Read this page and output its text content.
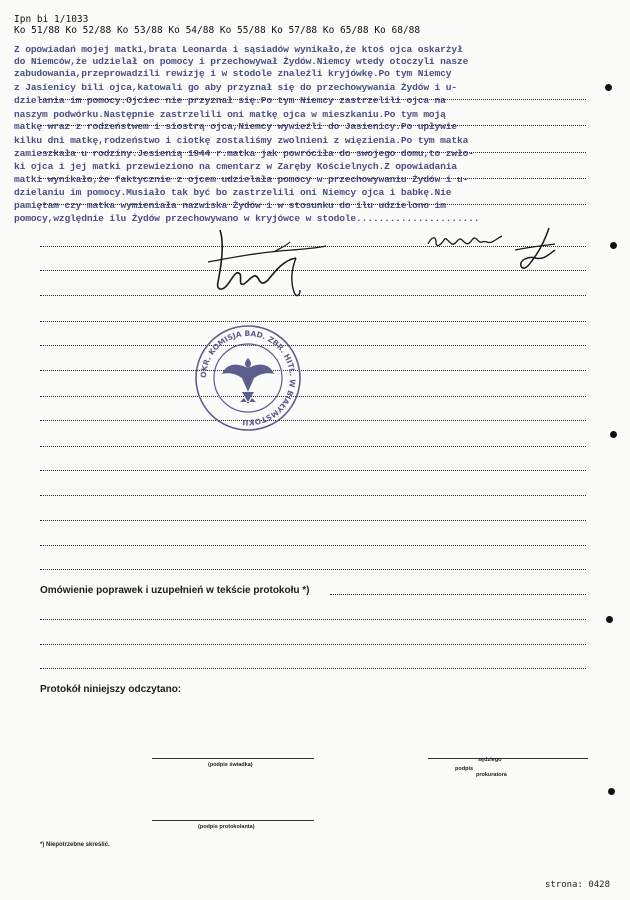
Ipn bi 1/1033
Ko 51/88 Ko 52/88 Ko 53/88 Ko 54/88 Ko 55/88 Ko 57/88 Ko 65/88 Ko 68/88
Z opowiadań mojej matki,brata Leonarda i sąsiadów wynikało,że ktoś ojca oskarżył
do Niemców,że udzielał on pomocy i przechowywał Żydów.Niemcy wtedy otoczyli nasze
zabudowania,przeprowadzili rewizję i w stodole znaleźli kryjówkę.Po tym Niemcy
z Jasienicy bili ojca,katowali go aby przyznał się do przechowywania Żydów i u-
dzielania im pomocy.Ojciec nie przyznał się.Po tym Niemcy zastrzelili ojca na
naszym podwórku.Następnie zastrzelili oni matkę ojca w mieszkaniu.Po tym moją
matkę wraz z rodzeństwem i siostrą ojca,Niemcy wywieźli do Jasienicy.Po upływie
kilku dni matkę,rodzeństwo i ciotkę zostaliśmy zwolnieni z więzienia.Po tym matka
zamieszkała u rodziny.Jesienią 1944 r.matka jak powróciła do swojego domu,to zwło-
ki ojca i jej matki przewieziono na cmentarz w Zaręby Kościelnych.Z opowiadania
matki wynikało,że faktycznie z ojcem udzielała pomocy w przechowywaniu Żydów i u-
dzielaniu im pomocy.Musiało tak być bo zastrzelili oni Niemcy ojca i babkę.Nie
pamiętam czy matka wymieniała nazwiska Żydów i w stosunku do ilu udzielono im
pomocy,względnie ilu Żydów przechowywano w kryjówce w stodole......................
Omówienie poprawek i uzupełnień w tekście protokołu *)
Protokół niniejszy odczytano:
(podpis świadka)
sędziego
podpis
prokuratora
(podpis protokolanta)
*) Niepotrzebne skreślić.
OKR. KOMISJA BAD. ZBR. HITL. W BIAŁYMSTOKU
strona: 0428
